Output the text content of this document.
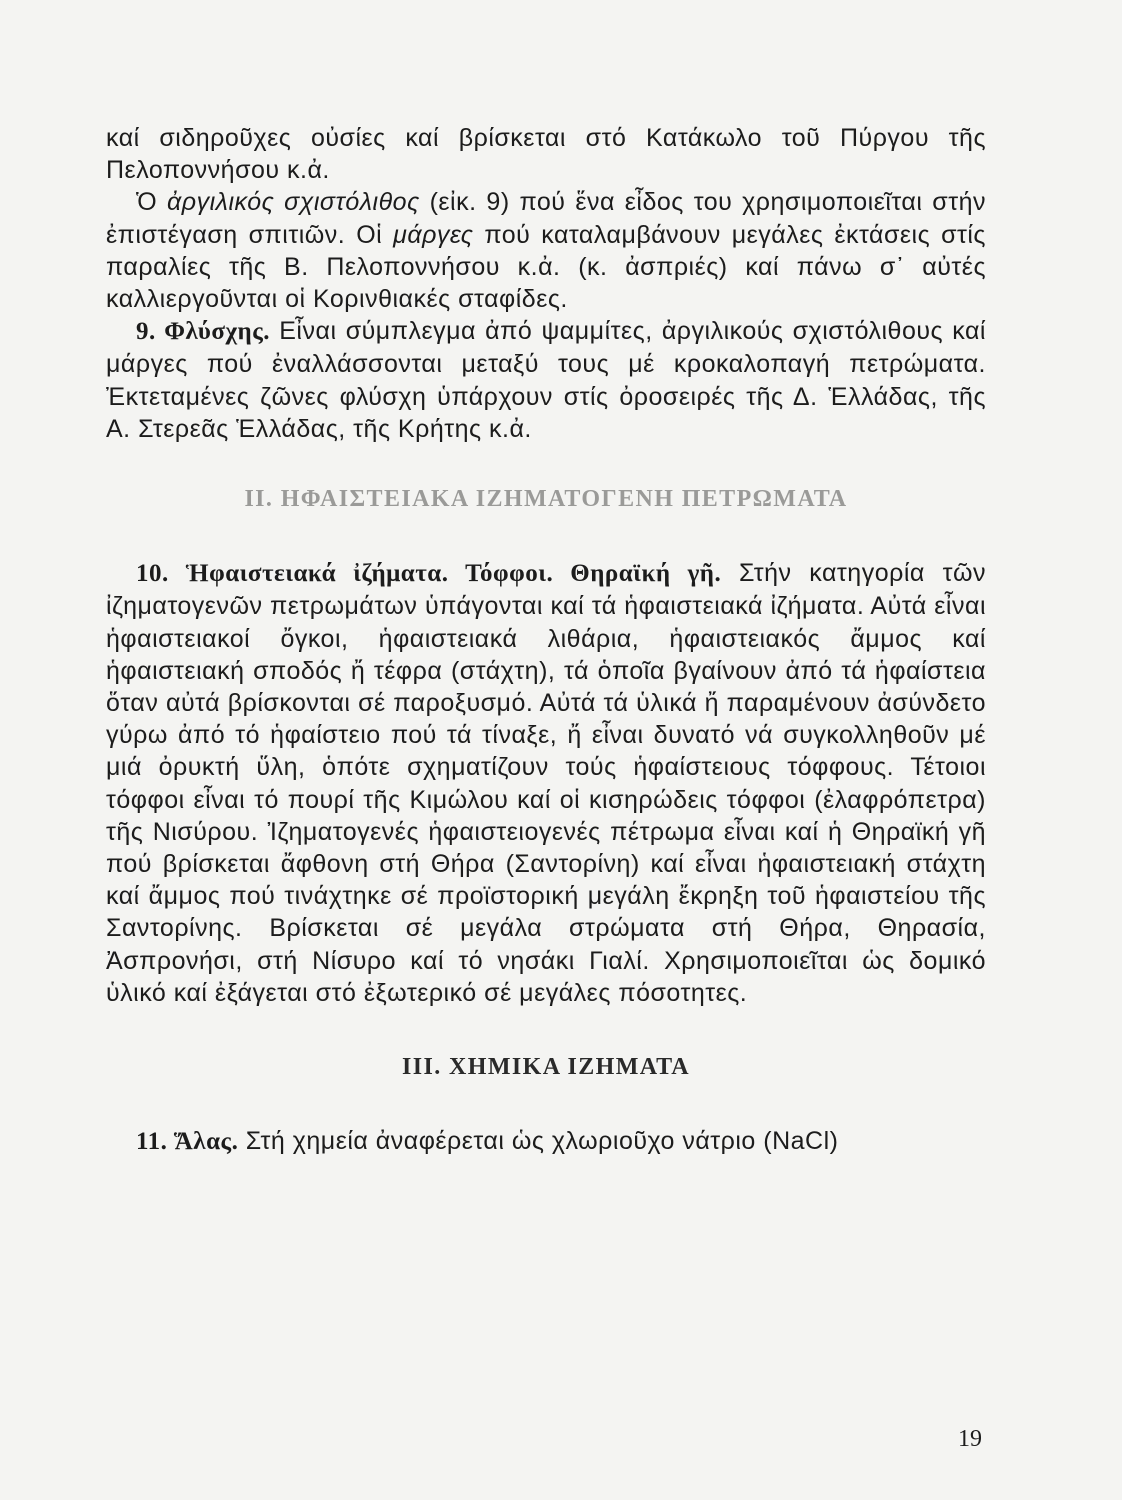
καί σιδηροῦχες οὐσίες καί βρίσκεται στό Κατάκωλο τοῦ Πύργου τῆς Πελοποννήσου κ.ἀ.

Ὁ ἀργιλικός σχιστόλιθος (εἰκ. 9) πού ἕνα εἶδος του χρησιμοποιεῖται στήν ἐπιστέγαση σπιτιῶν. Οἱ μάργες πού καταλαμβάνουν μεγάλες ἐκτάσεις στίς παραλίες τῆς Β. Πελοποννήσου κ.ἀ. (κ. ἀσπριές) καί πάνω σ᾽ αὐτές καλλιεργοῦνται οἱ Κορινθιακές σταφίδες.

9. Φλύσχης. Εἶναι σύμπλεγμα ἀπό ψαμμίτες, ἀργιλικούς σχιστόλιθους καί μάργες πού ἐναλλάσσονται μεταξύ τους μέ κροκαλοπαγή πετρώματα. Ἐκτεταμένες ζῶνες φλύσχη ὑπάρχουν στίς ὀροσειρές τῆς Δ. Ἑλλάδας, τῆς Α. Στερεᾶς Ἑλλάδας, τῆς Κρήτης κ.ἀ.

II. ΗΦΑΙΣΤΕΙΑΚΑ ΙΖΗΜΑΤΟΓΕΝΗ ΠΕΤΡΩΜΑΤΑ

10. Ἡφαιστειακά ἰζήματα. Τόφφοι. Θηραϊκή γῆ. Στήν κατηγορία τῶν ἰζηματογενῶν πετρωμάτων ὑπάγονται καί τά ἡφαιστειακά ἰζήματα. Αὐτά εἶναι ἡφαιστειακοί ὄγκοι, ἡφαιστειακά λιθάρια, ἡφαιστειακός ἄμμος καί ἡφαιστειακή σποδός ἤ τέφρα (στάχτη), τά ὁποῖα βγαίνουν ἀπό τά ἡφαίστεια ὅταν αὐτά βρίσκονται σέ παροξυσμό. Αὐτά τά ὑλικά ἤ παραμένουν ἀσύνδετο γύρω ἀπό τό ἡφαίστειο πού τά τίναξε, ἤ εἶναι δυνατό νά συγκολληθοῦν μέ μιά ὀρυκτή ὕλη, ὁπότε σχηματίζουν τούς ἡφαίστειους τόφφους. Τέτοιοι τόφφοι εἶναι τό πουρί τῆς Κιμώλου καί οἱ κισηρώδεις τόφφοι (ἐλαφρόπετρα) τῆς Νισύρου. Ἰζηματογενές ἡφαιστειογενές πέτρωμα εἶναι καί ἡ Θηραϊκή γῆ πού βρίσκεται ἄφθονη στή Θήρα (Σαντορίνη) καί εἶναι ἡφαιστειακή στάχτη καί ἄμμος πού τινάχτηκε σέ προϊστορική μεγάλη ἔκρηξη τοῦ ἡφαιστείου τῆς Σαντορίνης. Βρίσκεται σέ μεγάλα στρώματα στή Θήρα, Θηρασία, Ἀσπρονήσι, στή Νίσυρο καί τό νησάκι Γιαλί. Χρησιμοποιεῖται ὡς δομικό ὑλικό καί ἐξάγεται στό ἐξωτερικό σέ μεγάλες πόσοτητες.

III. ΧΗΜΙΚΑ ΙΖΗΜΑΤΑ

11. Ἅλας. Στή χημεία ἀναφέρεται ὡς χλωριοῦχο νάτριο (NaCl)

19
